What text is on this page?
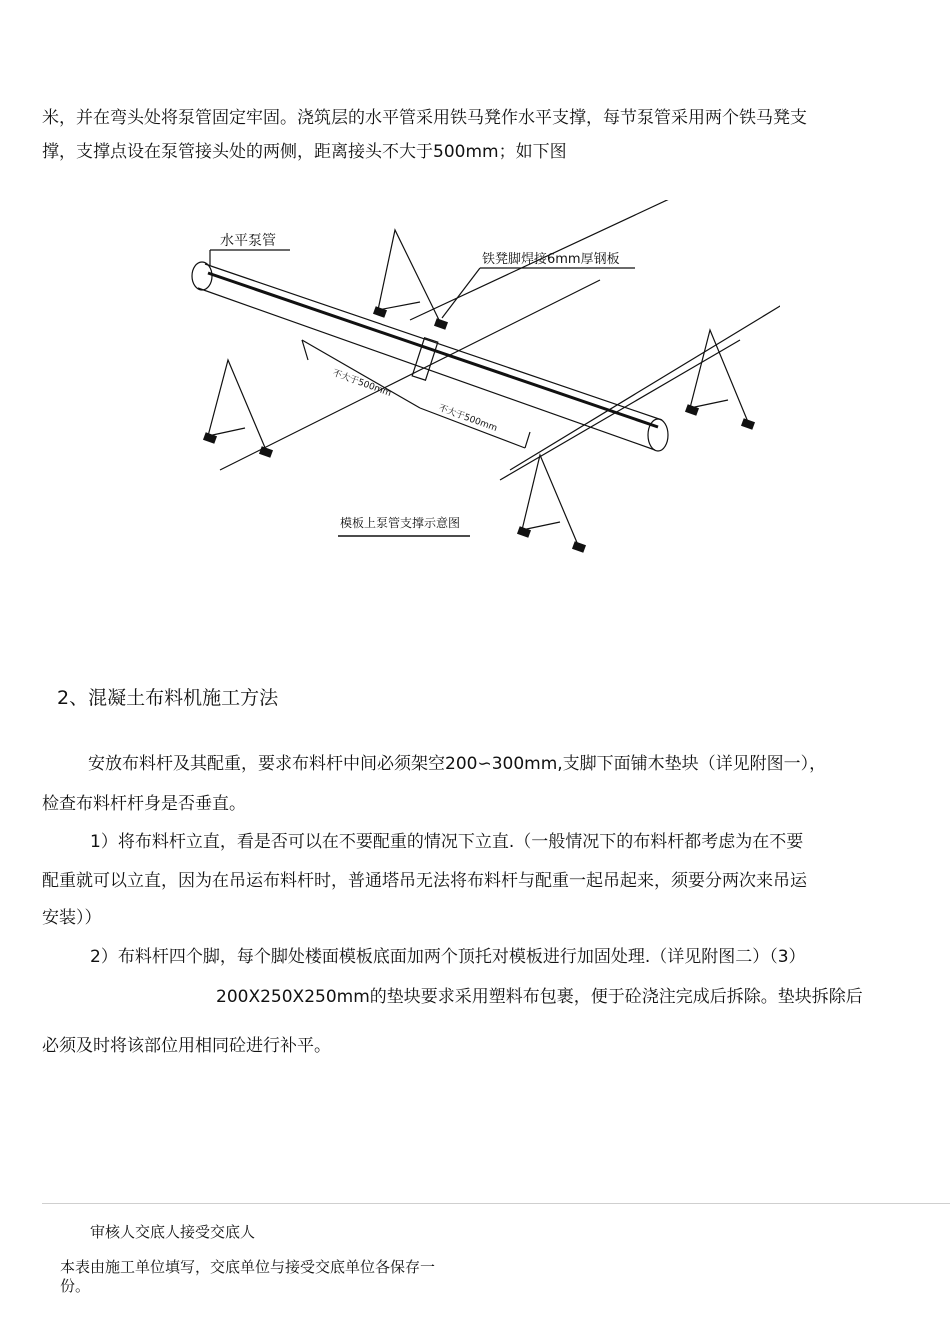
米，并在弯头处将泵管固定牢固。浇筑层的水平管采用铁马凳作水平支撑，每节泵管采用两个铁马凳支
撑，支撑点设在泵管接头处的两侧，距离接头不大于500mm；如下图
水平泵管
铁凳脚焊接6mm厚钢板
不大于500mm
不大于500mm
模板上泵管支撑示意图
2、混凝土布料机施工方法
安放布料杆及其配重，要求布料杆中间必须架空200∽300mm,支脚下面铺木垫块（详见附图一），
检查布料杆杆身是否垂直。
1）将布料杆立直，看是否可以在不要配重的情况下立直.（一般情况下的布料杆都考虑为在不要
配重就可以立直，因为在吊运布料杆时，普通塔吊无法将布料杆与配重一起吊起来，须要分两次来吊运
安装））
2）布料杆四个脚，每个脚处楼面模板底面加两个顶托对模板进行加固处理.（详见附图二）（3）
200X250X250mm的垫块要求采用塑料布包裹，便于砼浇注完成后拆除。垫块拆除后
必须及时将该部位用相同砼进行补平。
审核人交底人接受交底人
本表由施工单位填写，交底单位与接受交底单位各保存一
份。
